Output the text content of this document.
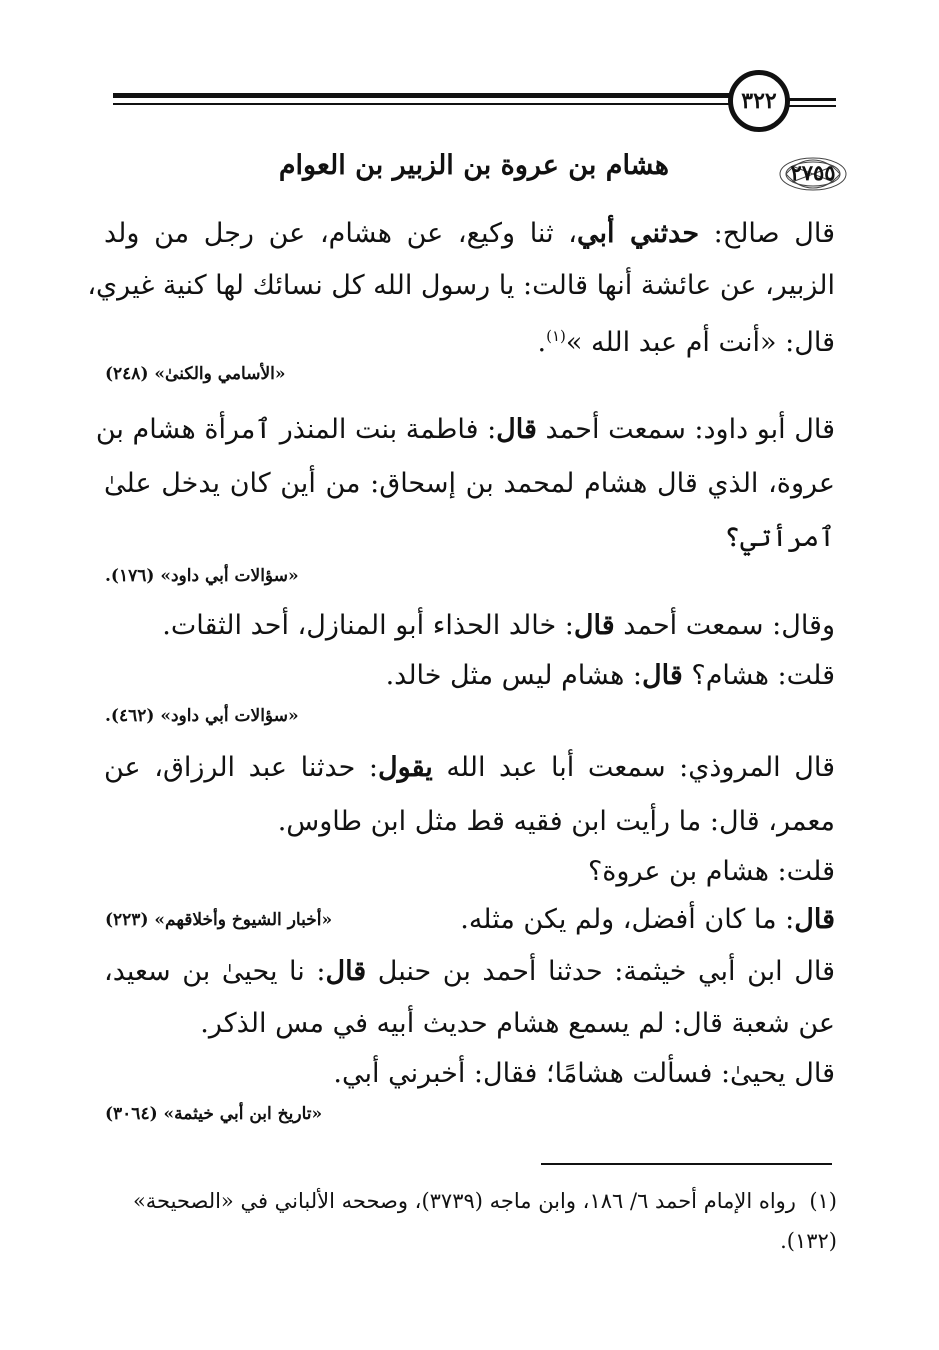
٣٢٢
هشام بن عروة بن الزبير بن العوام	٢٧٥٥
قال صالح: حدثني أبي، ثنا وكيع، عن هشام، عن رجل من ولد
الزبير، عن عائشة أنها قالت: يا رسول الله كل نسائك لها كنية غيري،
قال: «أنت أم عبد الله »$^{(١)}$.
«الأسامي والكنىٰ» (٢٤٨)
قال أبو داود: سمعت أحمد قال: فاطمة بنت المنذر ٱمرأة هشام بن
عروة، الذي قال هشام لمحمد بن إسحاق: من أين كان يدخل علىٰ
ٱمرأتي؟
«سؤالات أبي داود» (١٧٦).
وقال: سمعت أحمد قال: خالد الحذاء أبو المنازل، أحد الثقات.
قلت: هشام؟ قال: هشام ليس مثل خالد.
«سؤالات أبي داود» (٤٦٢).
قال المروذي: سمعت أبا عبد الله يقول: حدثنا عبد الرزاق، عن
معمر، قال: ما رأيت ابن فقيه قط مثل ابن طاوس.
قلت: هشام بن عروة؟
قال: ما كان أفضل، ولم يكن مثله.
«أخبار الشيوخ وأخلاقهم» (٢٢٣)
قال ابن أبي خيثمة: حدثنا أحمد بن حنبل قال: نا يحيىٰ بن سعيد،
عن شعبة قال: لم يسمع هشام حديث أبيه في مس الذكر.
قال يحيىٰ: فسألت هشامًا؛ فقال: أخبرني أبي.
«تاريخ ابن أبي خيثمة» (٣٠٦٤)
(١)  رواه الإمام أحمد ٦/ ١٨٦، وابن ماجه (٣٧٣٩)، وصححه الألباني في «الصحيحة»
(١٣٢).
